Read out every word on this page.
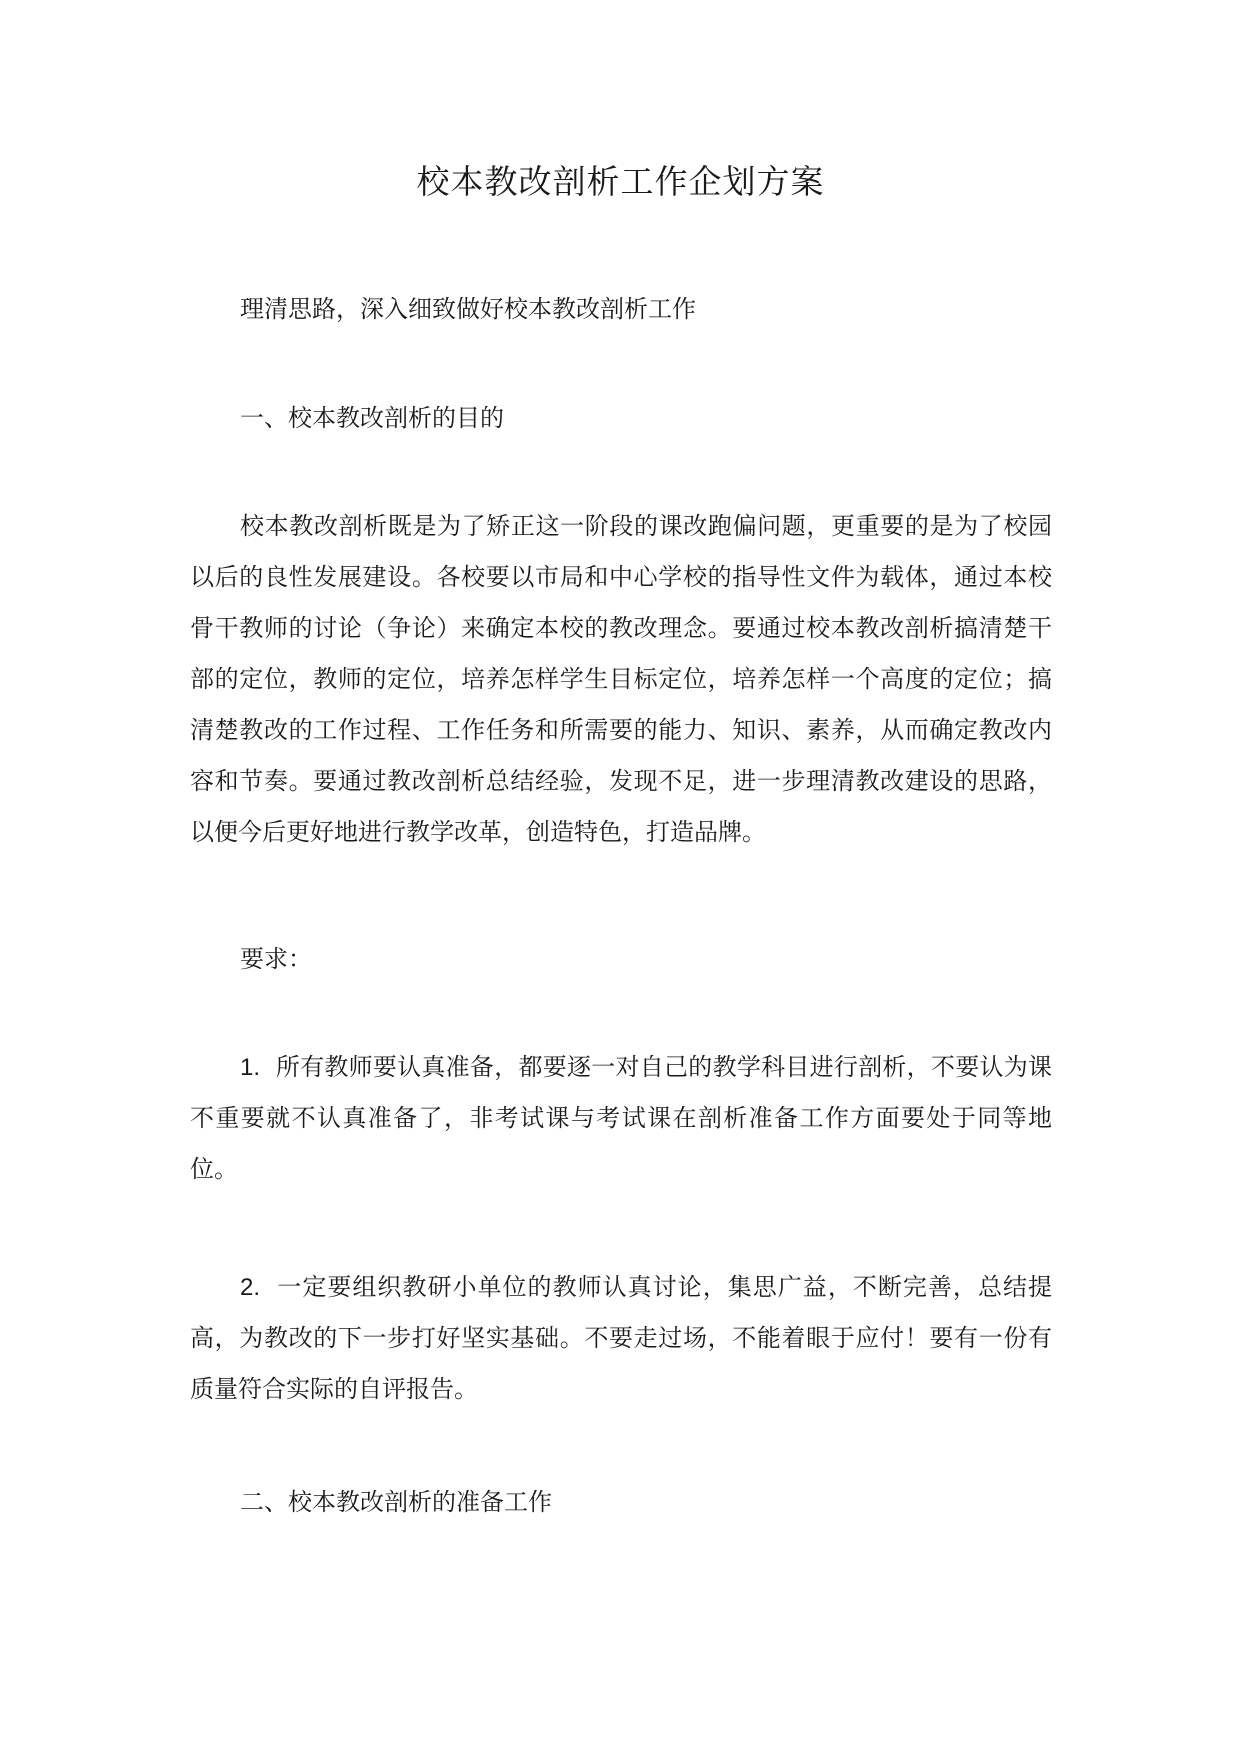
校本教改剖析工作企划方案

理清思路，深入细致做好校本教改剖析工作

一、校本教改剖析的目的

校本教改剖析既是为了矫正这一阶段的课改跑偏问题，更重要的是为了校园以后的良性发展建设。各校要以市局和中心学校的指导性文件为载体，通过本校骨干教师的讨论（争论）来确定本校的教改理念。要通过校本教改剖析搞清楚干部的定位，教师的定位，培养怎样学生目标定位，培养怎样一个高度的定位；搞清楚教改的工作过程、工作任务和所需要的能力、知识、素养，从而确定教改内容和节奏。要通过教改剖析总结经验，发现不足，进一步理清教改建设的思路，以便今后更好地进行教学改革，创造特色，打造品牌。

要求：

1. 所有教师要认真准备，都要逐一对自己的教学科目进行剖析，不要认为课不重要就不认真准备了，非考试课与考试课在剖析准备工作方面要处于同等地位。

2. 一定要组织教研小单位的教师认真讨论，集思广益，不断完善，总结提高，为教改的下一步打好坚实基础。不要走过场，不能着眼于应付！要有一份有质量符合实际的自评报告。

二、校本教改剖析的准备工作
